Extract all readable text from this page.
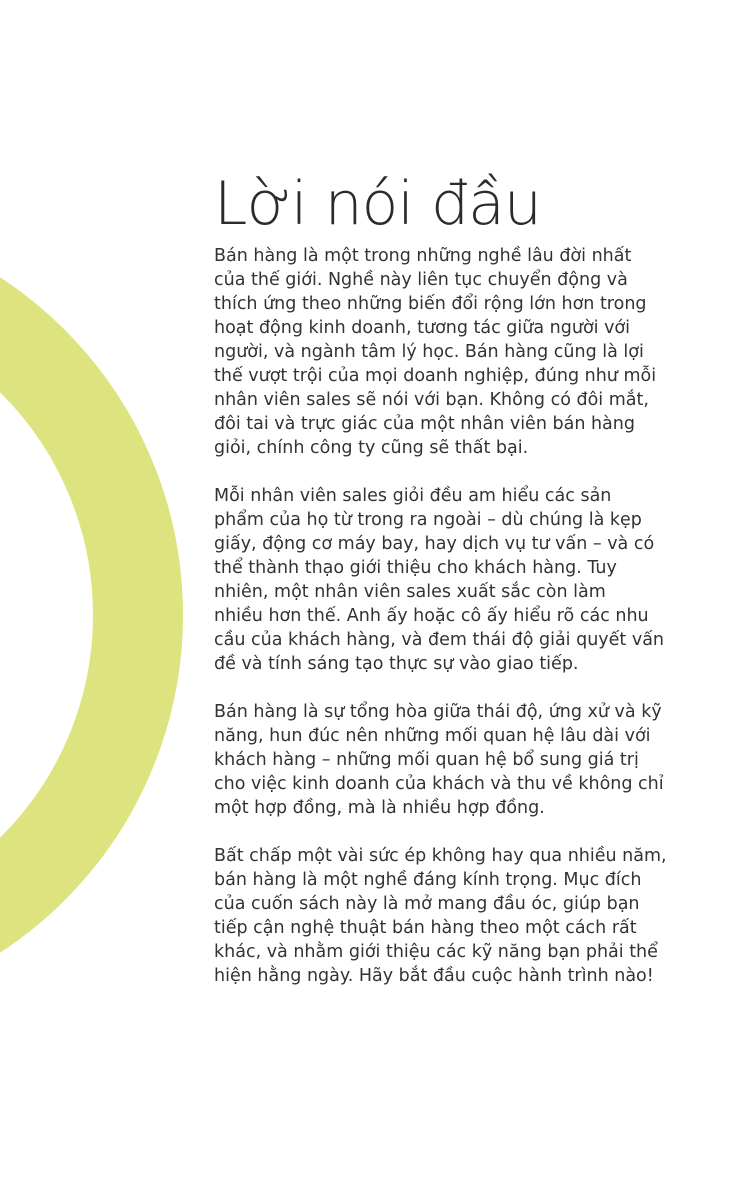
Lời nói đầu

Bán hàng là một trong những nghề lâu đời nhất
của thế giới. Nghề này liên tục chuyển động và
thích ứng theo những biến đổi rộng lớn hơn trong
hoạt động kinh doanh, tương tác giữa người với
người, và ngành tâm lý học. Bán hàng cũng là lợi
thế vượt trội của mọi doanh nghiệp, đúng như mỗi
nhân viên sales sẽ nói với bạn. Không có đôi mắt,
đôi tai và trực giác của một nhân viên bán hàng
giỏi, chính công ty cũng sẽ thất bại.

Mỗi nhân viên sales giỏi đều am hiểu các sản
phẩm của họ từ trong ra ngoài – dù chúng là kẹp
giấy, động cơ máy bay, hay dịch vụ tư vấn – và có
thể thành thạo giới thiệu cho khách hàng. Tuy
nhiên, một nhân viên sales xuất sắc còn làm
nhiều hơn thế. Anh ấy hoặc cô ấy hiểu rõ các nhu
cầu của khách hàng, và đem thái độ giải quyết vấn
đề và tính sáng tạo thực sự vào giao tiếp.

Bán hàng là sự tổng hòa giữa thái độ, ứng xử và kỹ
năng, hun đúc nên những mối quan hệ lâu dài với
khách hàng – những mối quan hệ bổ sung giá trị
cho việc kinh doanh của khách và thu về không chỉ
một hợp đồng, mà là nhiều hợp đồng.

Bất chấp một vài sức ép không hay qua nhiều năm,
bán hàng là một nghề đáng kính trọng. Mục đích
của cuốn sách này là mở mang đầu óc, giúp bạn
tiếp cận nghệ thuật bán hàng theo một cách rất
khác, và nhằm giới thiệu các kỹ năng bạn phải thể
hiện hằng ngày. Hãy bắt đầu cuộc hành trình nào!
